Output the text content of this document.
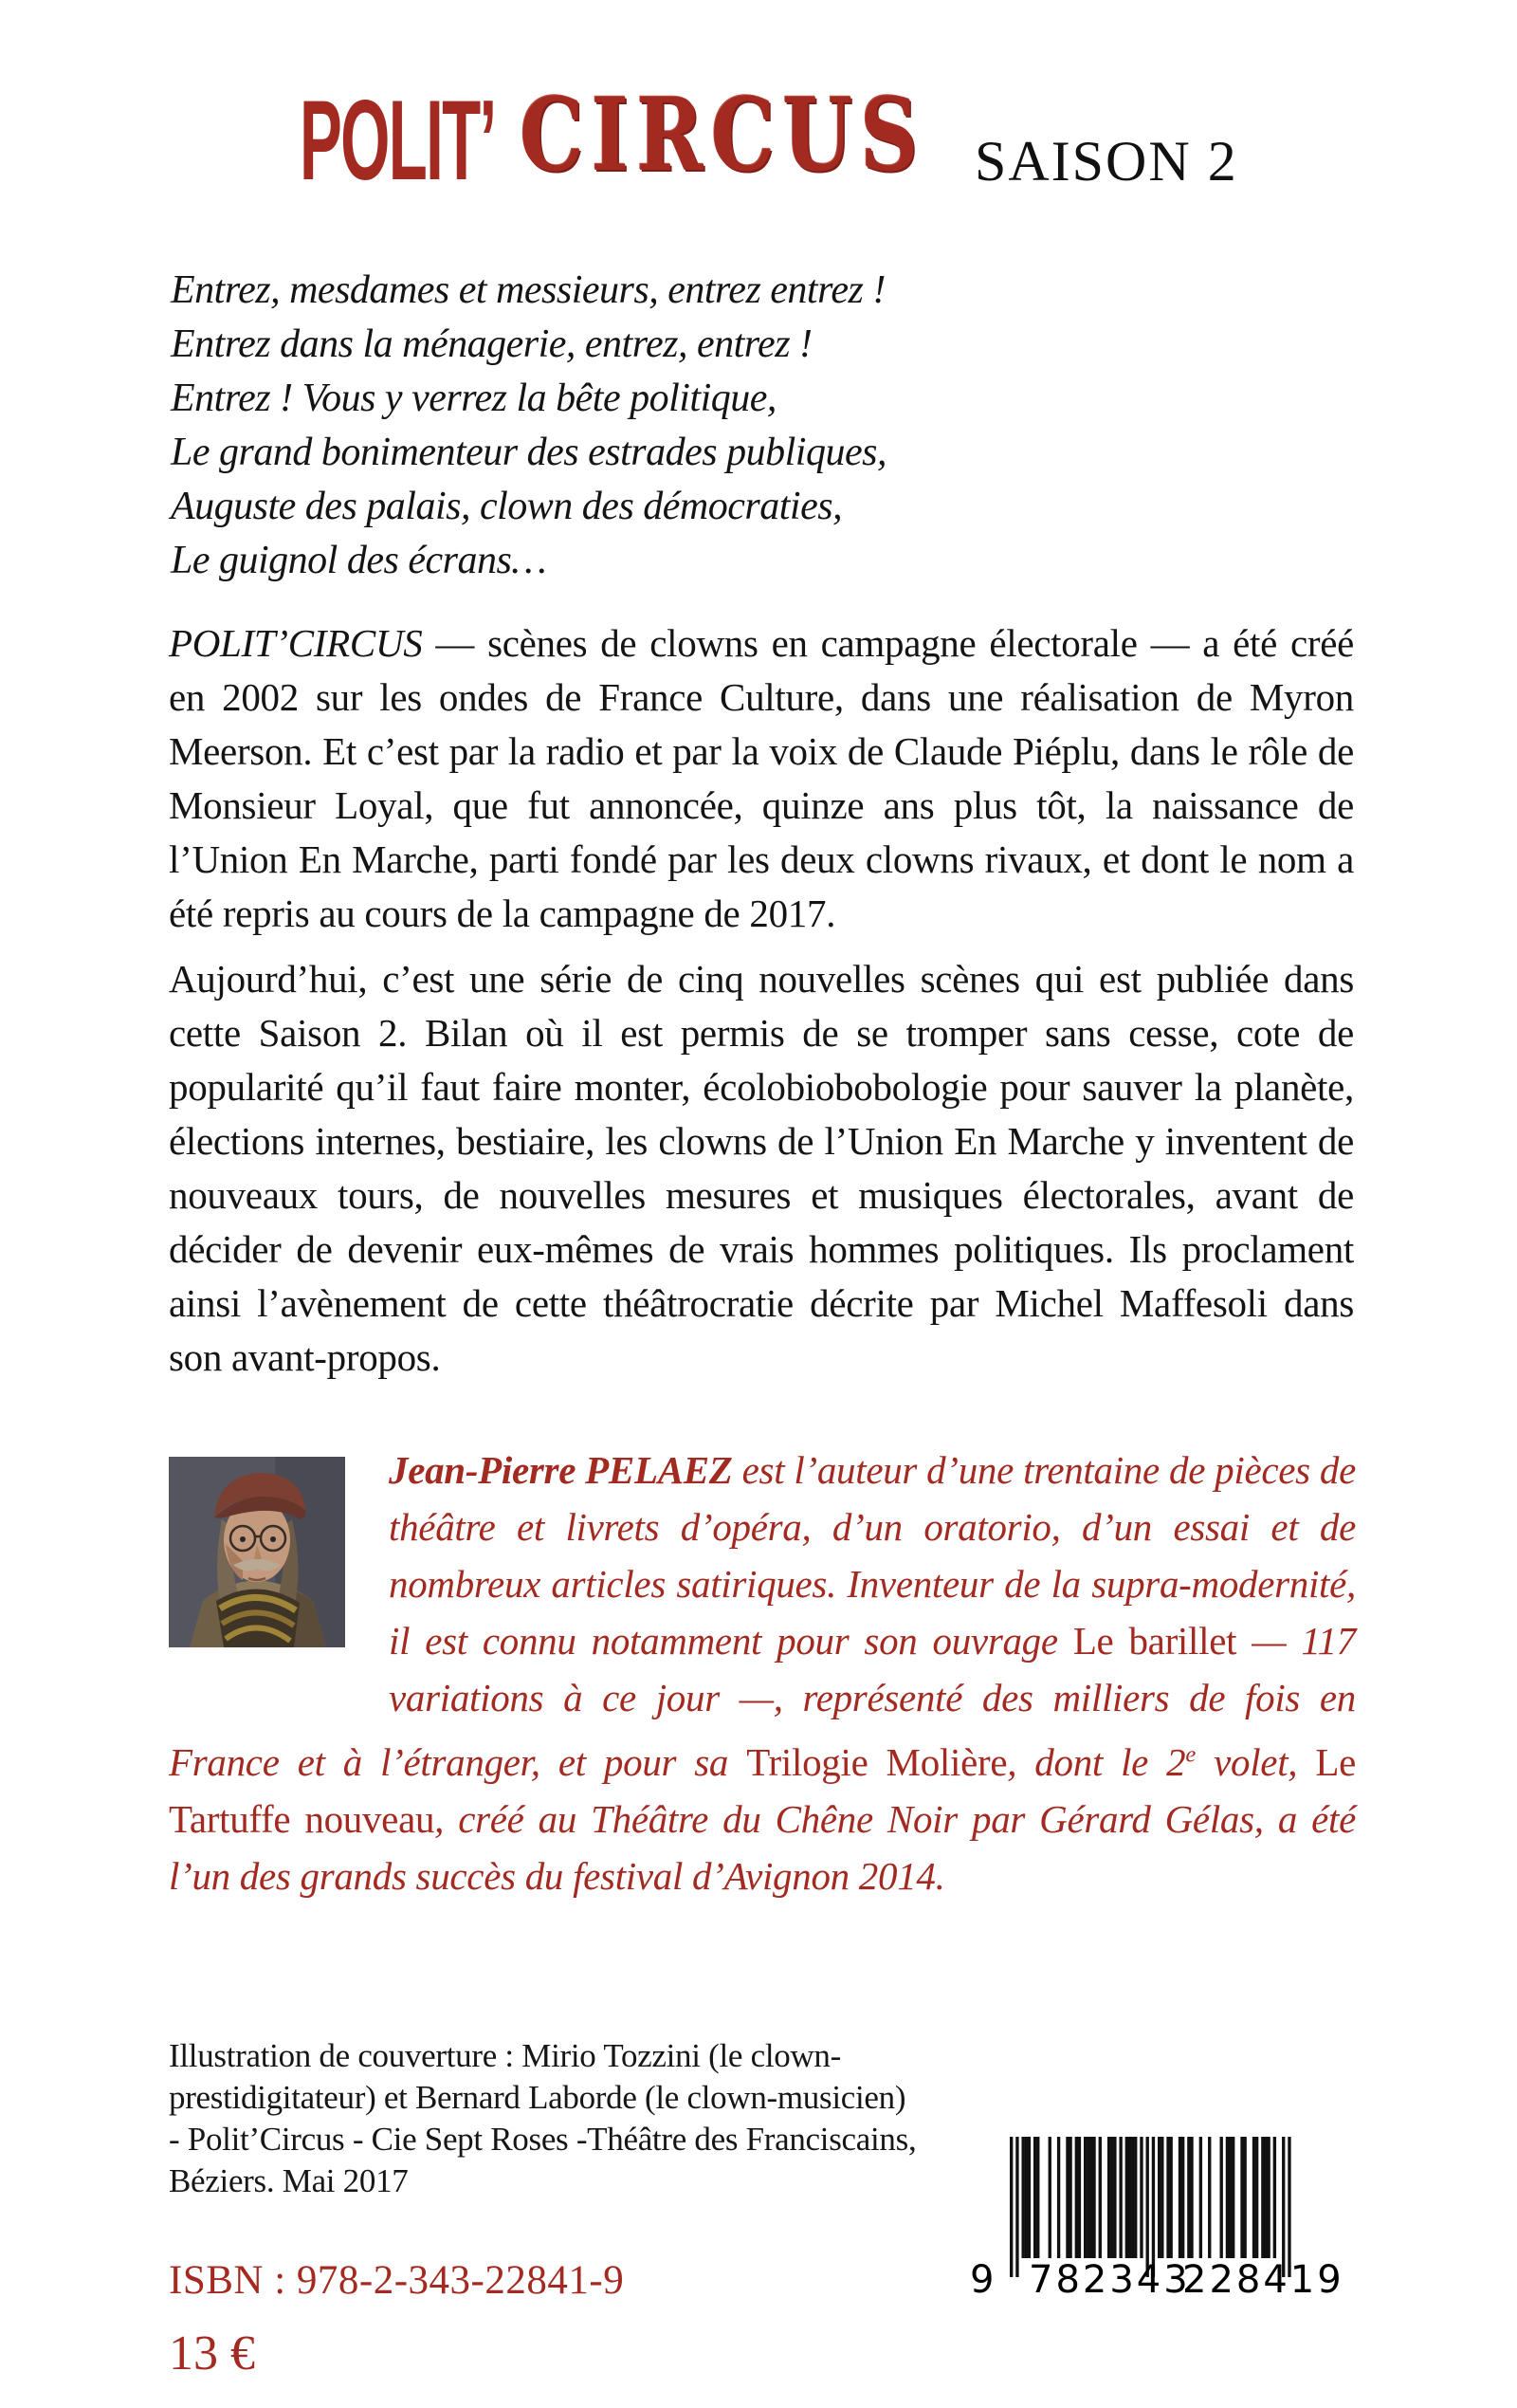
POLIT’ CIRCUS SAISON 2
Entrez, mesdames et messieurs, entrez entrez !
Entrez dans la ménagerie, entrez, entrez !
Entrez ! Vous y verrez la bête politique,
Le grand bonimenteur des estrades publiques,
Auguste des palais, clown des démocraties,
Le guignol des écrans…

POLIT’CIRCUS — scènes de clowns en campagne électorale — a été créé en 2002 sur les ondes de France Culture, dans une réalisation de Myron Meerson. Et c’est par la radio et par la voix de Claude Piéplu, dans le rôle de Monsieur Loyal, que fut annoncée, quinze ans plus tôt, la naissance de l’Union En Marche, parti fondé par les deux clowns rivaux, et dont le nom a été repris au cours de la campagne de 2017.

Aujourd’hui, c’est une série de cinq nouvelles scènes qui est publiée dans cette Saison 2. Bilan où il est permis de se tromper sans cesse, cote de popularité qu’il faut faire monter, écolobiobobologie pour sauver la planète, élections internes, bestiaire, les clowns de l’Union En Marche y inventent de nouveaux tours, de nouvelles mesures et musiques électorales, avant de décider de devenir eux-mêmes de vrais hommes politiques. Ils proclament ainsi l’avènement de cette théâtrocratie décrite par Michel Maffesoli dans son avant-propos.

Jean-Pierre PELAEZ est l’auteur d’une trentaine de pièces de théâtre et livrets d’opéra, d’un oratorio, d’un essai et de nombreux articles satiriques. Inventeur de la supra-modernité, il est connu notamment pour son ouvrage Le barillet — 117 variations à ce jour —, représenté des milliers de fois en France et à l’étranger, et pour sa Trilogie Molière, dont le 2e volet, Le Tartuffe nouveau, créé au Théâtre du Chêne Noir par Gérard Gélas, a été l’un des grands succès du festival d’Avignon 2014.
Illustration de couverture : Mirio Tozzini (le clown-
prestidigitateur) et Bernard Laborde (le clown-musicien)
- Polit’Circus - Cie Sept Roses -Théâtre des Franciscains,
Béziers. Mai 2017
ISBN : 978-2-343-22841-9
13 €
9 782343
228419
